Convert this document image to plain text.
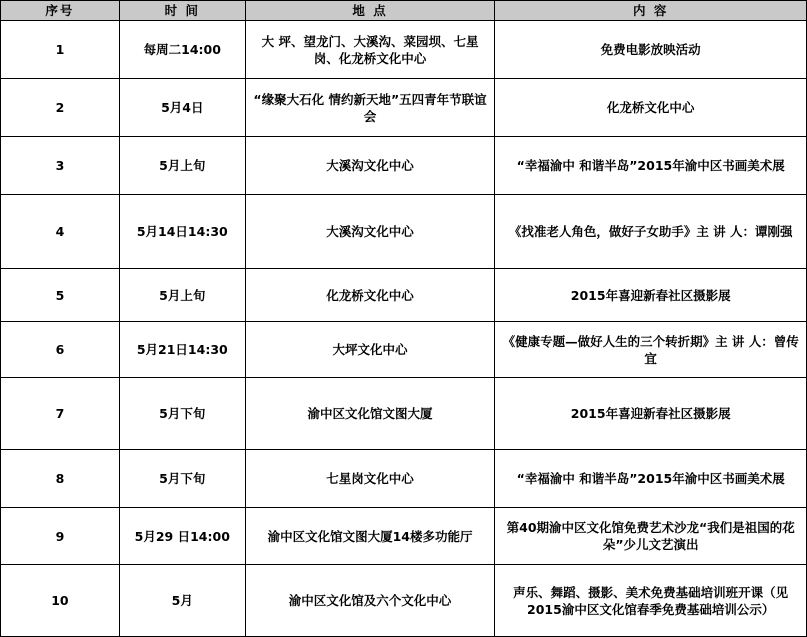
序号	时 间	地 点	内 容
1	每周二14:00	大 坪、望龙门、大溪沟、菜园坝、七星岗、化龙桥文化中心	免费电影放映活动
2	5月4日	“缘聚大石化 情约新天地”五四青年节联谊会	化龙桥文化中心
3	5月上旬	大溪沟文化中心	“幸福渝中 和谐半岛”2015年渝中区书画美术展
4	5月14日14:30	大溪沟文化中心	《找准老人角色，做好子女助手》主 讲 人：谭刚强
5	5月上旬	化龙桥文化中心	2015年喜迎新春社区摄影展
6	5月21日14:30	大坪文化中心	《健康专题—做好人生的三个转折期》主 讲 人：曾传宜
7	5月下旬	渝中区文化馆文图大厦	2015年喜迎新春社区摄影展
8	5月下旬	七星岗文化中心	“幸福渝中 和谐半岛”2015年渝中区书画美术展
9	5月29 日14:00	渝中区文化馆文图大厦14楼多功能厅	第40期渝中区文化馆免费艺术沙龙“我们是祖国的花朵”少儿文艺演出
10	5月	渝中区文化馆及六个文化中心	声乐、舞蹈、摄影、美术免费基础培训班开课（见2015渝中区文化馆春季免费基础培训公示）
